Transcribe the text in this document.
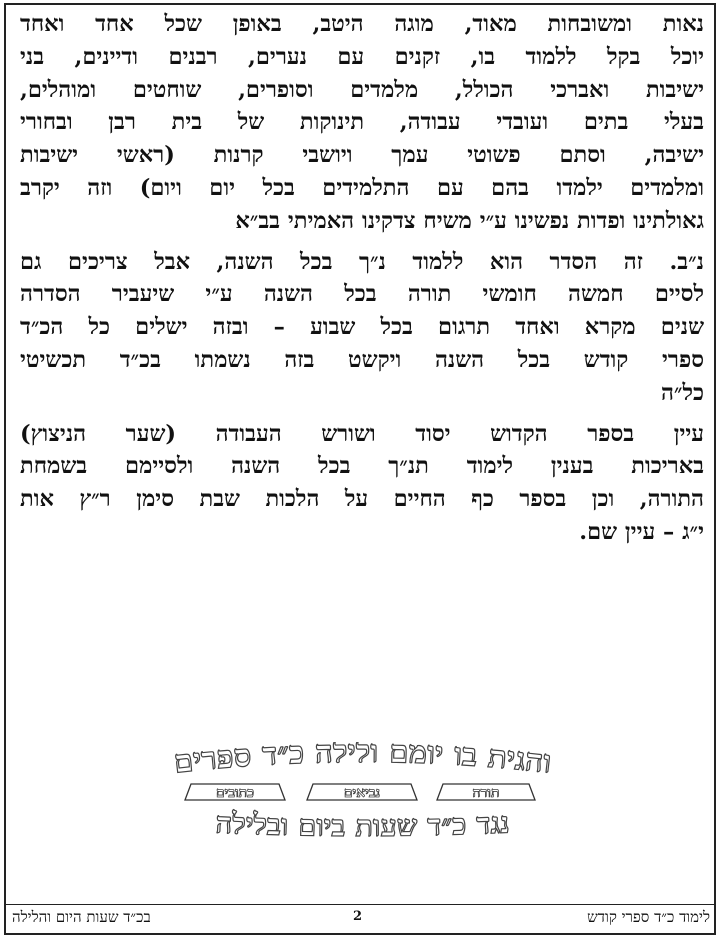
נאות ומשובחות מאוד, מוגה היטב, באופן שכל אחד ואחד
יוכל בקל ללמוד בו, זקנים עם נערים, רבנים ודיינים, בני
ישיבות ואברכי הכולל, מלמדים וסופרים, שוחטים ומוהלים,
בעלי בתים ועובדי עבודה, תינוקות של בית רבן ובחורי
ישיבה, וסתם פשוטי עמך ויושבי קרנות (ראשי ישיבות
ומלמדים ילמדו בהם עם התלמידים בכל יום ויום) וזה יקרב
גאולתינו ופדות נפשינו ע״י משיח צדקינו האמיתי בב״א

נ״ב. זה הסדר הוא ללמוד נ״ך בכל השנה, אבל צריכים גם
לסיים חמשה חומשי תורה בכל השנה ע״י שיעביר הסדרה
שנים מקרא ואחד תרגום בכל שבוע – ובזה ישלים כל הכ״ד
ספרי קודש בכל השנה ויקשט בזה נשמתו בכ״ד תכשיטי
כל״ה

עיין בספר הקדוש יסוד ושורש העבודה (שער הניצוץ)
באריכות בענין לימוד תנ״ך בכל השנה ולסיימם בשמחת
התורה, וכן בספר כף החיים על הלכות שבת סימן ר״ץ אות
י״ג – עיין שם.

והגית בו יומם ולילה כ״ד ספרים
כתובים	נביאים	תורה
נגד כ״ד שעות ביום ובלילה
לימוד כ״ד ספרי קודש
2
בכ״ד שעות היום והלילה
